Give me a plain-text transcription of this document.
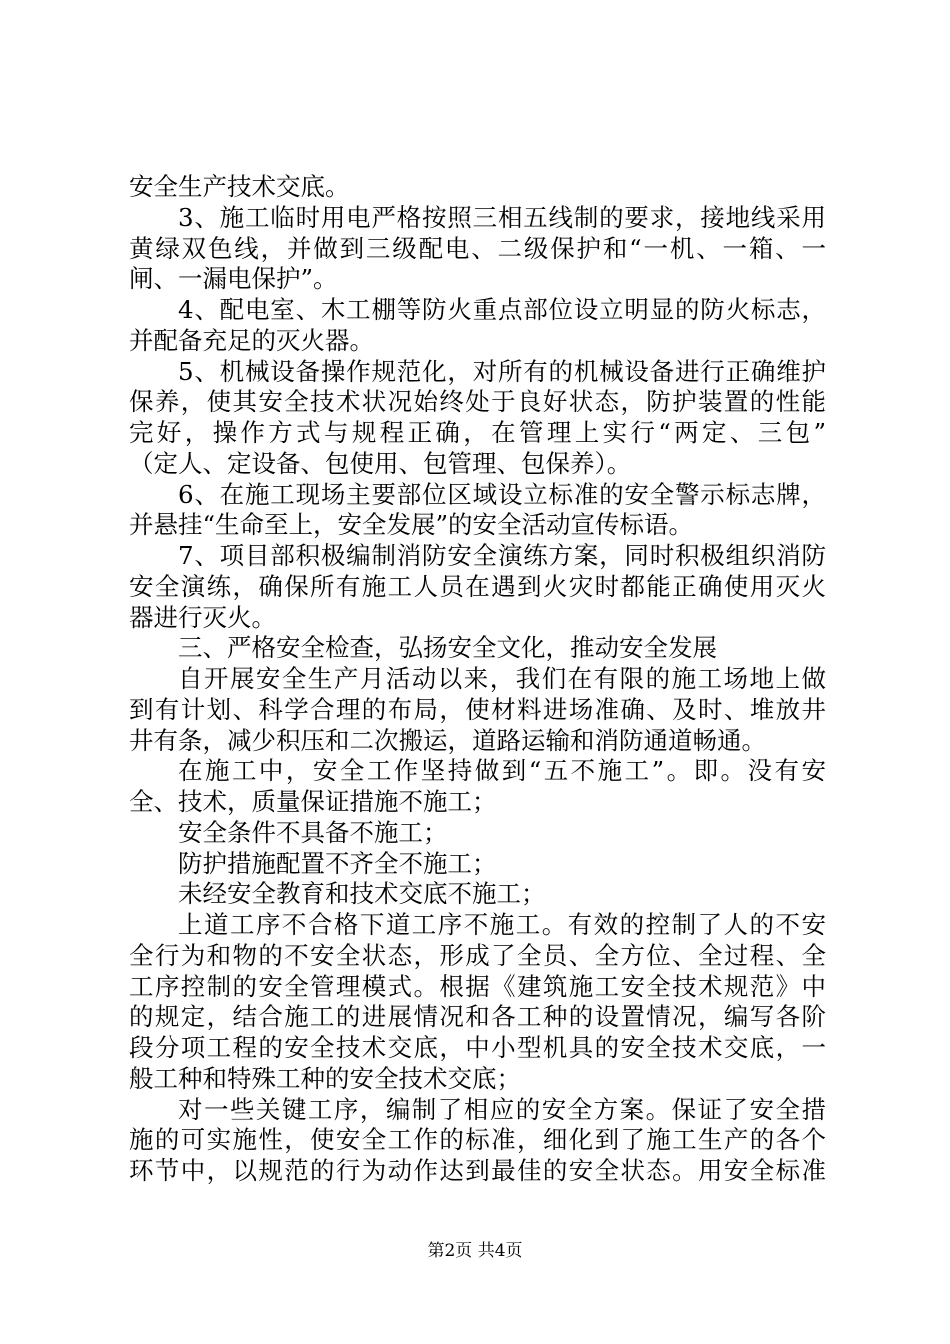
安全生产技术交底。
3、施工临时用电严格按照三相五线制的要求，接地线采用
黄绿双色线，并做到三级配电、二级保护和“一机、一箱、一
闸、一漏电保护”。
4、配电室、木工棚等防火重点部位设立明显的防火标志，
并配备充足的灭火器。
5、机械设备操作规范化，对所有的机械设备进行正确维护
保养，使其安全技术状况始终处于良好状态，防护装置的性能
完好，操作方式与规程正确，在管理上实行“两定、三包”
（定人、定设备、包使用、包管理、包保养）。
6、在施工现场主要部位区域设立标准的安全警示标志牌，
并悬挂“生命至上，安全发展”的安全活动宣传标语。
7、项目部积极编制消防安全演练方案，同时积极组织消防
安全演练，确保所有施工人员在遇到火灾时都能正确使用灭火
器进行灭火。
三、严格安全检查，弘扬安全文化，推动安全发展
自开展安全生产月活动以来，我们在有限的施工场地上做
到有计划、科学合理的布局，使材料进场准确、及时、堆放井
井有条，减少积压和二次搬运，道路运输和消防通道畅通。
在施工中，安全工作坚持做到“五不施工”。即。没有安
全、技术，质量保证措施不施工；
安全条件不具备不施工；
防护措施配置不齐全不施工；
未经安全教育和技术交底不施工；
上道工序不合格下道工序不施工。有效的控制了人的不安
全行为和物的不安全状态，形成了全员、全方位、全过程、全
工序控制的安全管理模式。根据《建筑施工安全技术规范》中
的规定，结合施工的进展情况和各工种的设置情况，编写各阶
段分项工程的安全技术交底，中小型机具的安全技术交底，一
般工种和特殊工种的安全技术交底；
对一些关键工序，编制了相应的安全方案。保证了安全措
施的可实施性，使安全工作的标准，细化到了施工生产的各个
环节中，以规范的行为动作达到最佳的安全状态。用安全标准
第2页 共4页
